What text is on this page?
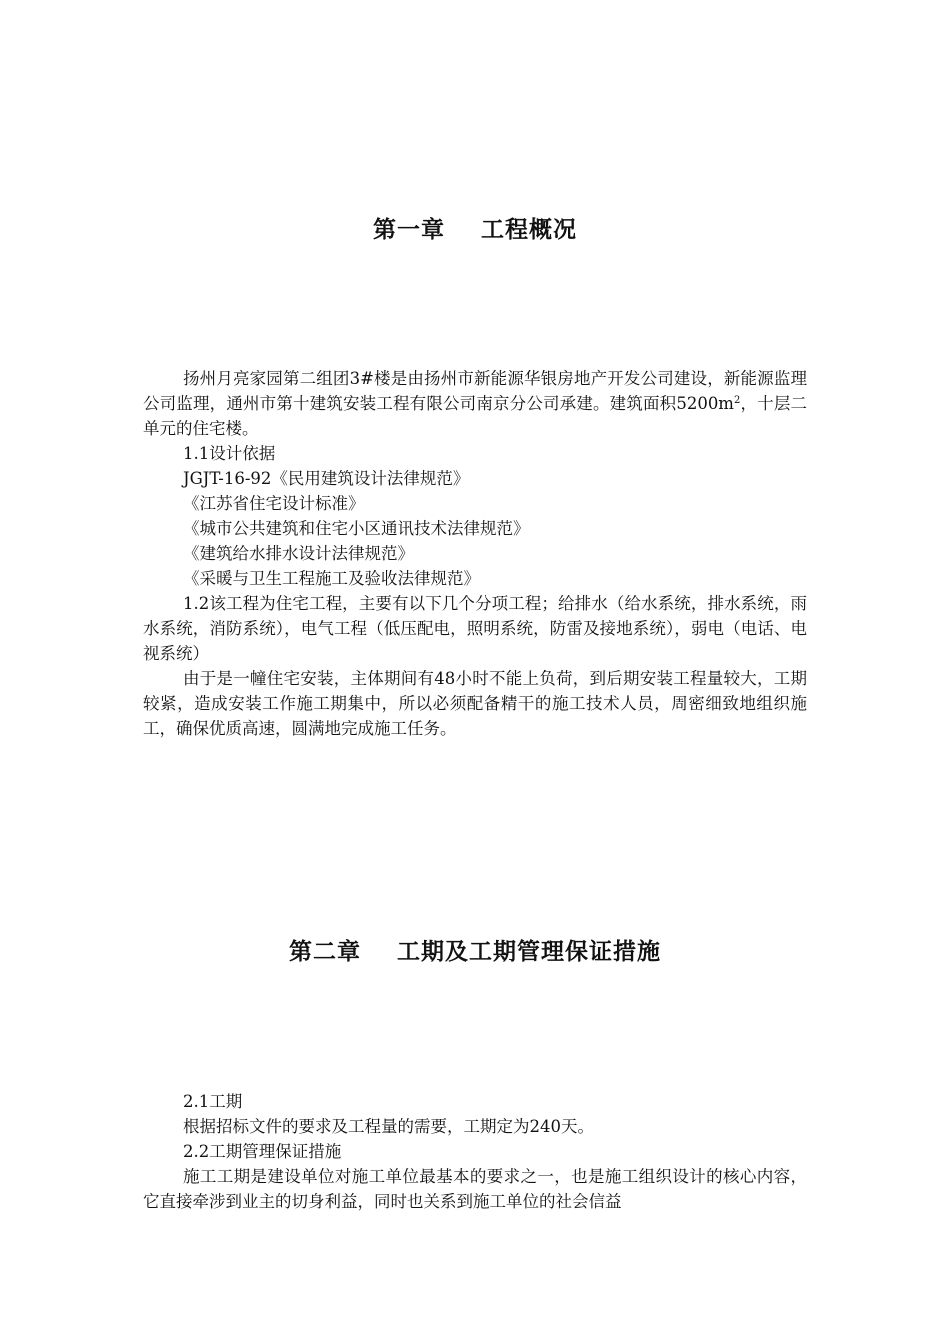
第一章    工程概况

扬州月亮家园第二组团3#楼是由扬州市新能源华银房地产开发公司建设，新能源监理公司监理，通州市第十建筑安装工程有限公司南京分公司承建。建筑面积$5200m^2$，十层二单元的住宅楼。

1.1设计依据

JGJT-16-92《民用建筑设计法律规范》

《江苏省住宅设计标准》

《城市公共建筑和住宅小区通讯技术法律规范》

《建筑给水排水设计法律规范》

《采暖与卫生工程施工及验收法律规范》

1.2该工程为住宅工程，主要有以下几个分项工程；给排水（给水系统，排水系统，雨水系统，消防系统），电气工程（低压配电，照明系统，防雷及接地系统），弱电（电话、电视系统）

由于是一幢住宅安装，主体期间有48小时不能上负荷，到后期安装工程量较大，工期较紧，造成安装工作施工期集中，所以必须配备精干的施工技术人员，周密细致地组织施工，确保优质高速，圆满地完成施工任务。

第二章    工期及工期管理保证措施

2.1工期

根据招标文件的要求及工程量的需要，工期定为240天。

2.2工期管理保证措施

施工工期是建设单位对施工单位最基本的要求之一，也是施工组织设计的核心内容，它直接牵涉到业主的切身利益，同时也关系到施工单位的社会信益
